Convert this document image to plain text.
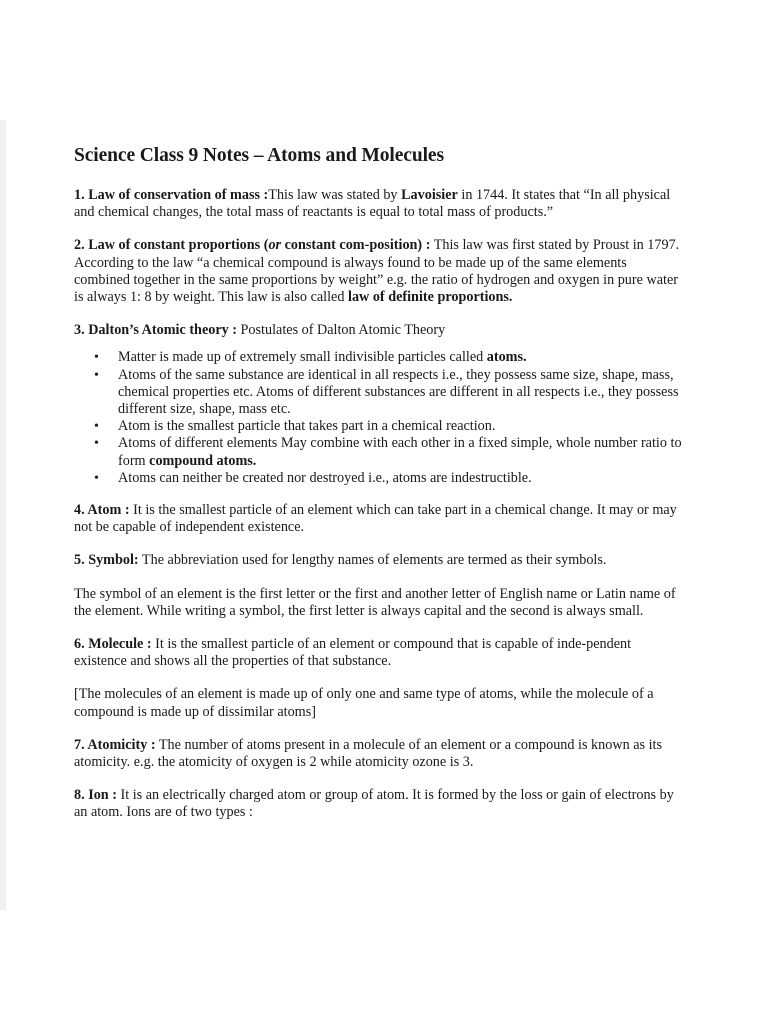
Science Class 9 Notes – Atoms and Molecules

1. Law of conservation of mass :This law was stated by Lavoisier in 1744. It states that “In all physical and chemical changes, the total mass of reactants is equal to total mass of products.”

2. Law of constant proportions (or constant com-position) : This law was first stated by Proust in 1797. According to the law “a chemical compound is always found to be made up of the same elements combined together in the same proportions by weight” e.g. the ratio of hydrogen and oxygen in pure water is always 1: 8 by weight. This law is also called law of definite proportions.

3. Dalton’s Atomic theory : Postulates of Dalton Atomic Theory

• Matter is made up of extremely small indivisible particles called atoms.
• Atoms of the same substance are identical in all respects i.e., they possess same size, shape, mass, chemical properties etc. Atoms of different substances are different in all respects i.e., they possess different size, shape, mass etc.
• Atom is the smallest particle that takes part in a chemical reaction.
• Atoms of different elements May combine with each other in a fixed simple, whole number ratio to form compound atoms.
• Atoms can neither be created nor destroyed i.e., atoms are indestructible.

4. Atom : It is the smallest particle of an element which can take part in a chemical change. It may or may not be capable of independent existence.

5. Symbol: The abbreviation used for lengthy names of elements are termed as their symbols.

The symbol of an element is the first letter or the first and another letter of English name or Latin name of the element. While writing a symbol, the first letter is always capital and the second is always small.

6. Molecule : It is the smallest particle of an element or compound that is capable of inde-pendent existence and shows all the properties of that substance.

[The molecules of an element is made up of only one and same type of atoms, while the molecule of a compound is made up of dissimilar atoms]

7. Atomicity : The number of atoms present in a molecule of an element or a compound is known as its atomicity. e.g. the atomicity of oxygen is 2 while atomicity ozone is 3.

8. Ion : It is an electrically charged atom or group of atom. It is formed by the loss or gain of electrons by an atom. Ions are of two types :
